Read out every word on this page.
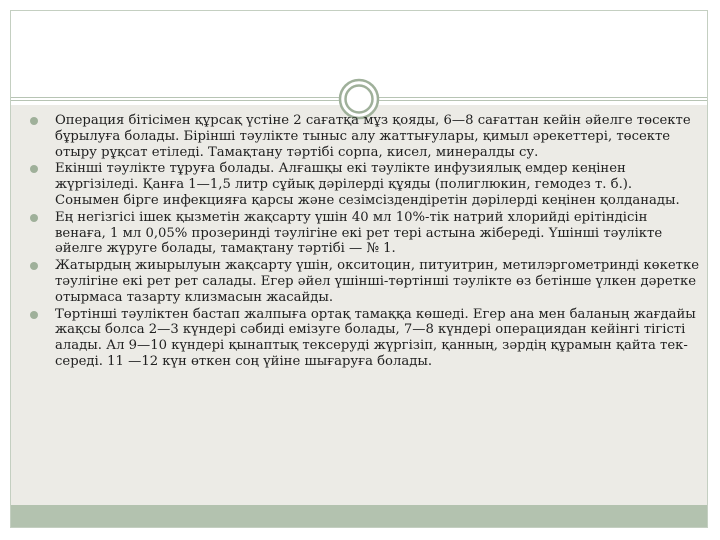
Операция бітісімен құрсақ үстіне 2 сағатқа мұз қояды, 6—8 сағаттан кейін әйелге төсекте бұрылуға болады. Бірінші тәулікте тыныс алу жаттығулары, қимыл әрекеттері, төсекте отыру рұқсат етіледі. Тамақтану тәртібі сорпа, кисел, минералды су.
Екінші тәулікте тұруға болады. Алғашқы екі тәулікте инфузиялық емдер кеңінен жүргізіледі. Қанға 1—1,5 литр сұйық дәрілерді құяды (полиглюкин, гемодез т. б.). Сонымен бірге инфекцияға қарсы және сезімсіздендіретін дәрілерді кеңінен қолданады.
Ең негізгісі ішек қызметін жақсарту үшін 40 мл 10%-тік натрий хлорийді ерітіндісін венаға, 1 мл 0,05% прозеринді тәулігіне екі рет тері астына жібереді. Үшінші тәулікте әйелге жүруге болады, тамақтану тәртібі — № 1.
Жатырдың жиырылуын жақсарту үшін, окситоцин, питуитрин, метилэргометринді көкетке тәулігіне екі рет рет салады. Егер әйел үшінші-төртінші тәулікте өз бетінше үлкен дәретке отырмаса тазарту клизмасын жасайды.
Төртінші тәуліктен бастап жалпыға ортақ тамаққа көшеді. Егер ана мен баланың жағдайы жақсы болса 2—3 күндері сәбиді емізуге болады, 7—8 күндері операциядан кейінгі тігісті алады. Ал 9—10 күндері қынаптық тексеруді жүргізіп, қанның, зәрдің құрамын қайта тек-середі. 11 —12 күн өткен соң үйіне шығаруға болады.
